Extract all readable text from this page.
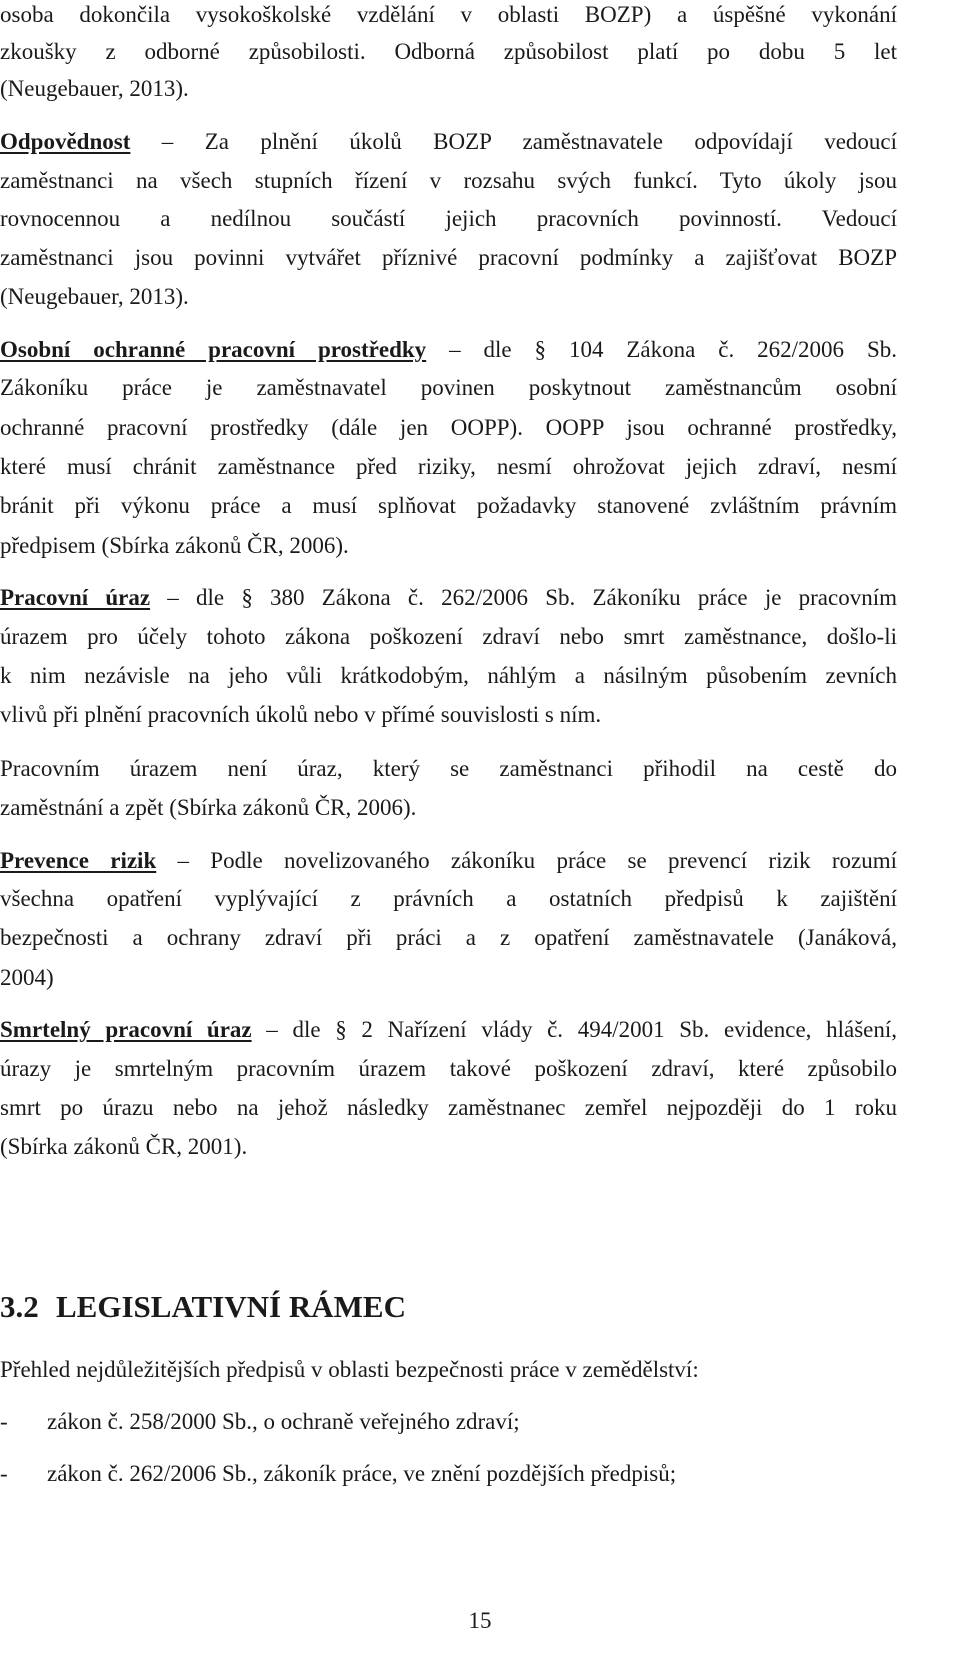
osoba dokončila vysokoškolské vzdělání v oblasti BOZP) a úspěšné vykonání
zkoušky z odborné způsobilosti. Odborná způsobilost platí po dobu 5 let
(Neugebauer, 2013).
Odpovědnost – Za plnění úkolů BOZP zaměstnavatele odpovídají vedoucí
zaměstnanci na všech stupních řízení v rozsahu svých funkcí. Tyto úkoly jsou
rovnocennou a nedílnou součástí jejich pracovních povinností. Vedoucí
zaměstnanci jsou povinni vytvářet příznivé pracovní podmínky a zajišťovat BOZP
(Neugebauer, 2013).
Osobní ochranné pracovní prostředky – dle § 104 Zákona č. 262/2006 Sb.
Zákoníku práce je zaměstnavatel povinen poskytnout zaměstnancům osobní
ochranné pracovní prostředky (dále jen OOPP). OOPP jsou ochranné prostředky,
které musí chránit zaměstnance před riziky, nesmí ohrožovat jejich zdraví, nesmí
bránit při výkonu práce a musí splňovat požadavky stanovené zvláštním právním
předpisem (Sbírka zákonů ČR, 2006).
Pracovní úraz – dle § 380 Zákona č. 262/2006 Sb. Zákoníku práce je pracovním
úrazem pro účely tohoto zákona poškození zdraví nebo smrt zaměstnance, došlo-li
k nim nezávisle na jeho vůli krátkodobým, náhlým a násilným působením zevních
vlivů při plnění pracovních úkolů nebo v přímé souvislosti s ním.
Pracovním úrazem není úraz, který se zaměstnanci přihodil na cestě do
zaměstnání a zpět (Sbírka zákonů ČR, 2006).
Prevence rizik – Podle novelizovaného zákoníku práce se prevencí rizik rozumí
všechna opatření vyplývající z právních a ostatních předpisů k zajištění
bezpečnosti a ochrany zdraví při práci a z opatření zaměstnavatele (Janáková,
2004)
Smrtelný pracovní úraz – dle § 2 Nařízení vlády č. 494/2001 Sb. evidence, hlášení,
úrazy je smrtelným pracovním úrazem takové poškození zdraví, které způsobilo
smrt po úrazu nebo na jehož následky zaměstnanec zemřel nejpozději do 1 roku
(Sbírka zákonů ČR, 2001).
3.2 LEGISLATIVNÍ RÁMEC
Přehled nejdůležitějších předpisů v oblasti bezpečnosti práce v zemědělství:
- zákon č. 258/2000 Sb., o ochraně veřejného zdraví;
- zákon č. 262/2006 Sb., zákoník práce, ve znění pozdějších předpisů;
15
